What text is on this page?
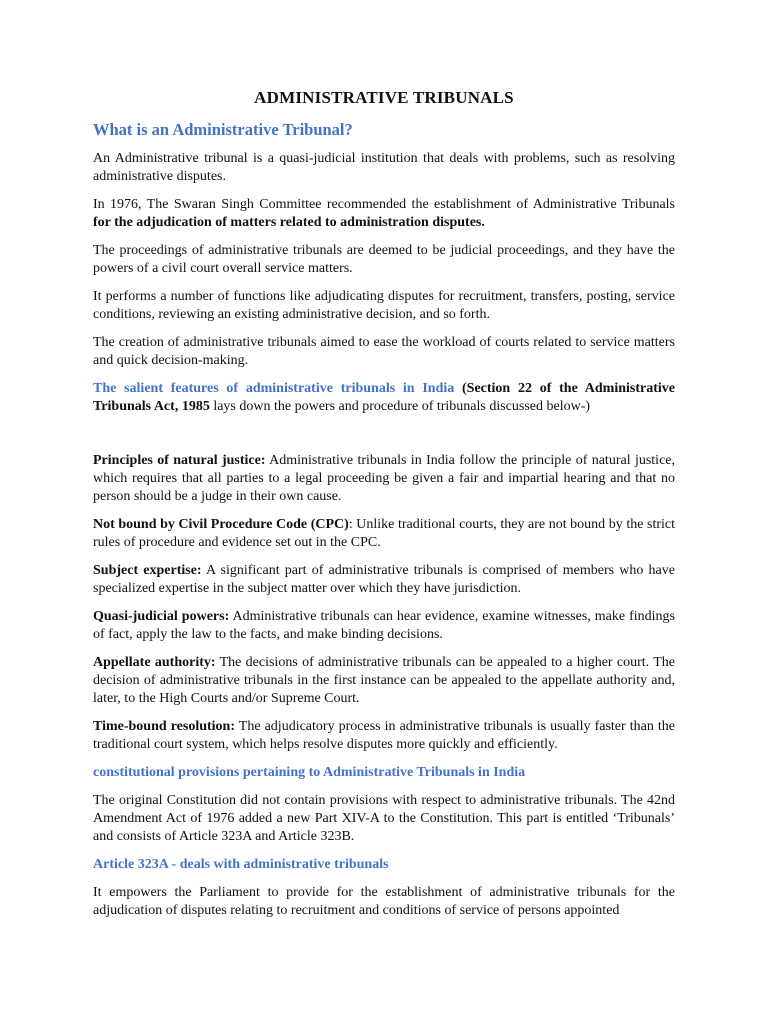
ADMINISTRATIVE TRIBUNALS
What is an Administrative Tribunal?

An Administrative tribunal is a quasi-judicial institution that deals with problems, such as resolving administrative disputes.

In 1976, The Swaran Singh Committee recommended the establishment of Administrative Tribunals for the adjudication of matters related to administration disputes.

The proceedings of administrative tribunals are deemed to be judicial proceedings, and they have the powers of a civil court overall service matters.

It performs a number of functions like adjudicating disputes for recruitment, transfers, posting, service conditions, reviewing an existing administrative decision, and so forth.

The creation of administrative tribunals aimed to ease the workload of courts related to service matters and quick decision-making.

The salient features of administrative tribunals in India (Section 22 of the Administrative Tribunals Act, 1985 lays down the powers and procedure of tribunals discussed below-)

Principles of natural justice: Administrative tribunals in India follow the principle of natural justice, which requires that all parties to a legal proceeding be given a fair and impartial hearing and that no person should be a judge in their own cause.

Not bound by Civil Procedure Code (CPC): Unlike traditional courts, they are not bound by the strict rules of procedure and evidence set out in the CPC.

Subject expertise: A significant part of administrative tribunals is comprised of members who have specialized expertise in the subject matter over which they have jurisdiction.

Quasi-judicial powers: Administrative tribunals can hear evidence, examine witnesses, make findings of fact, apply the law to the facts, and make binding decisions.

Appellate authority: The decisions of administrative tribunals can be appealed to a higher court. The decision of administrative tribunals in the first instance can be appealed to the appellate authority and, later, to the High Courts and/or Supreme Court.

Time-bound resolution: The adjudicatory process in administrative tribunals is usually faster than the traditional court system, which helps resolve disputes more quickly and efficiently.

constitutional provisions pertaining to Administrative Tribunals in India

The original Constitution did not contain provisions with respect to administrative tribunals. The 42nd Amendment Act of 1976 added a new Part XIV-A to the Constitution. This part is entitled ‘Tribunals’ and consists of Article 323A and Article 323B.

Article 323A - deals with administrative tribunals

It empowers the Parliament to provide for the establishment of administrative tribunals for the adjudication of disputes relating to recruitment and conditions of service of persons appointed
